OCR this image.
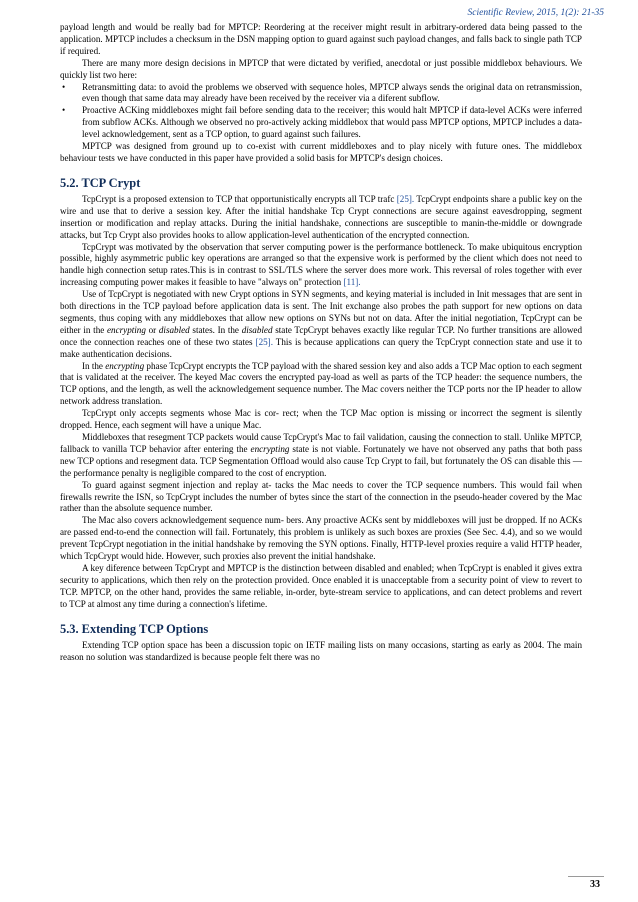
Scientific Review, 2015, 1(2): 21-35

payload length and would be really bad for MPTCP: Reordering at the receiver might result in arbitrary-ordered data being passed to the application. MPTCP includes a checksum in the DSN mapping option to guard against such payload changes, and falls back to single path TCP if required.

There are many more design decisions in MPTCP that were dictated by verified, anecdotal or just possible middlebox behaviours. We quickly list two here:

• Retransmitting data: to avoid the problems we observed with sequence holes, MPTCP always sends the original data on retransmission, even though that same data may already have been received by the receiver via a diferent subflow.
• Proactive ACKing middleboxes might fail before sending data to the receiver; this would halt MPTCP if data-level ACKs were inferred from subflow ACKs. Although we observed no pro-actively acking middlebox that would pass MPTCP options, MPTCP includes a data-level acknowledgement, sent as a TCP option, to guard against such failures.

MPTCP was designed from ground up to co-exist with current middleboxes and to play nicely with future ones. The middlebox behaviour tests we have conducted in this paper have provided a solid basis for MPTCP's design choices.

5.2. TCP Crypt

TcpCrypt is a proposed extension to TCP that opportunistically encrypts all TCP trafc [25]. TcpCrypt endpoints share a public key on the wire and use that to derive a session key. After the initial handshake Tcp Crypt connections are secure against eavesdropping, segment insertion or modification and replay attacks. During the initial handshake, connections are susceptible to manin-the-middle or downgrade attacks, but Tcp Crypt also provides hooks to allow application-level authentication of the encrypted connection.

TcpCrypt was motivated by the observation that server computing power is the performance bottleneck. To make ubiquitous encryption possible, highly asymmetric public key operations are arranged so that the expensive work is performed by the client which does not need to handle high connection setup rates.This is in contrast to SSL/TLS where the server does more work. This reversal of roles together with ever increasing computing power makes it feasible to have "always on" protection [11].

Use of TcpCrypt is negotiated with new Crypt options in SYN segments, and keying material is included in Init messages that are sent in both directions in the TCP payload before application data is sent. The Init exchange also probes the path support for new options on data segments, thus coping with any middleboxes that allow new options on SYNs but not on data. After the initial negotiation, TcpCrypt can be either in the encrypting or disabled states. In the disabled state TcpCrypt behaves exactly like regular TCP. No further transitions are allowed once the connection reaches one of these two states [25]. This is because applications can query the TcpCrypt connection state and use it to make authentication decisions.

In the encrypting phase TcpCrypt encrypts the TCP payload with the shared session key and also adds a TCP Mac option to each segment that is validated at the receiver. The keyed Mac covers the encrypted pay-load as well as parts of the TCP header: the sequence numbers, the TCP options, and the length, as well the acknowledgement sequence number. The Mac covers neither the TCP ports nor the IP header to allow network address translation.

TcpCrypt only accepts segments whose Mac is cor- rect; when the TCP Mac option is missing or incorrect the segment is silently dropped. Hence, each segment will have a unique Mac.

Middleboxes that resegment TCP packets would cause TcpCrypt's Mac to fail validation, causing the connection to stall. Unlike MPTCP, fallback to vanilla TCP behavior after entering the encrypting state is not viable. Fortunately we have not observed any paths that both pass new TCP options and resegment data. TCP Segmentation Offload would also cause Tcp Crypt to fail, but fortunately the OS can disable this — the performance penalty is negligible compared to the cost of encryption.

To guard against segment injection and replay at- tacks the Mac needs to cover the TCP sequence numbers. This would fail when firewalls rewrite the ISN, so TcpCrypt includes the number of bytes since the start of the connection in the pseudo-header covered by the Mac rather than the absolute sequence number.

The Mac also covers acknowledgement sequence num- bers. Any proactive ACKs sent by middleboxes will just be dropped. If no ACKs are passed end-to-end the connection will fail. Fortunately, this problem is unlikely as such boxes are proxies (See Sec. 4.4), and so we would prevent TcpCrypt negotiation in the initial handshake by removing the SYN options. Finally, HTTP-level proxies require a valid HTTP header, which TcpCrypt would hide. However, such proxies also prevent the initial handshake.

A key diference between TcpCrypt and MPTCP is the distinction between disabled and enabled; when TcpCrypt is enabled it gives extra security to applications, which then rely on the protection provided. Once enabled it is unacceptable from a security point of view to revert to TCP. MPTCP, on the other hand, provides the same reliable, in-order, byte-stream service to applications, and can detect problems and revert to TCP at almost any time during a connection's lifetime.

5.3. Extending TCP Options

Extending TCP option space has been a discussion topic on IETF mailing lists on many occasions, starting as early as 2004. The main reason no solution was standardized is because people felt there was no

33
